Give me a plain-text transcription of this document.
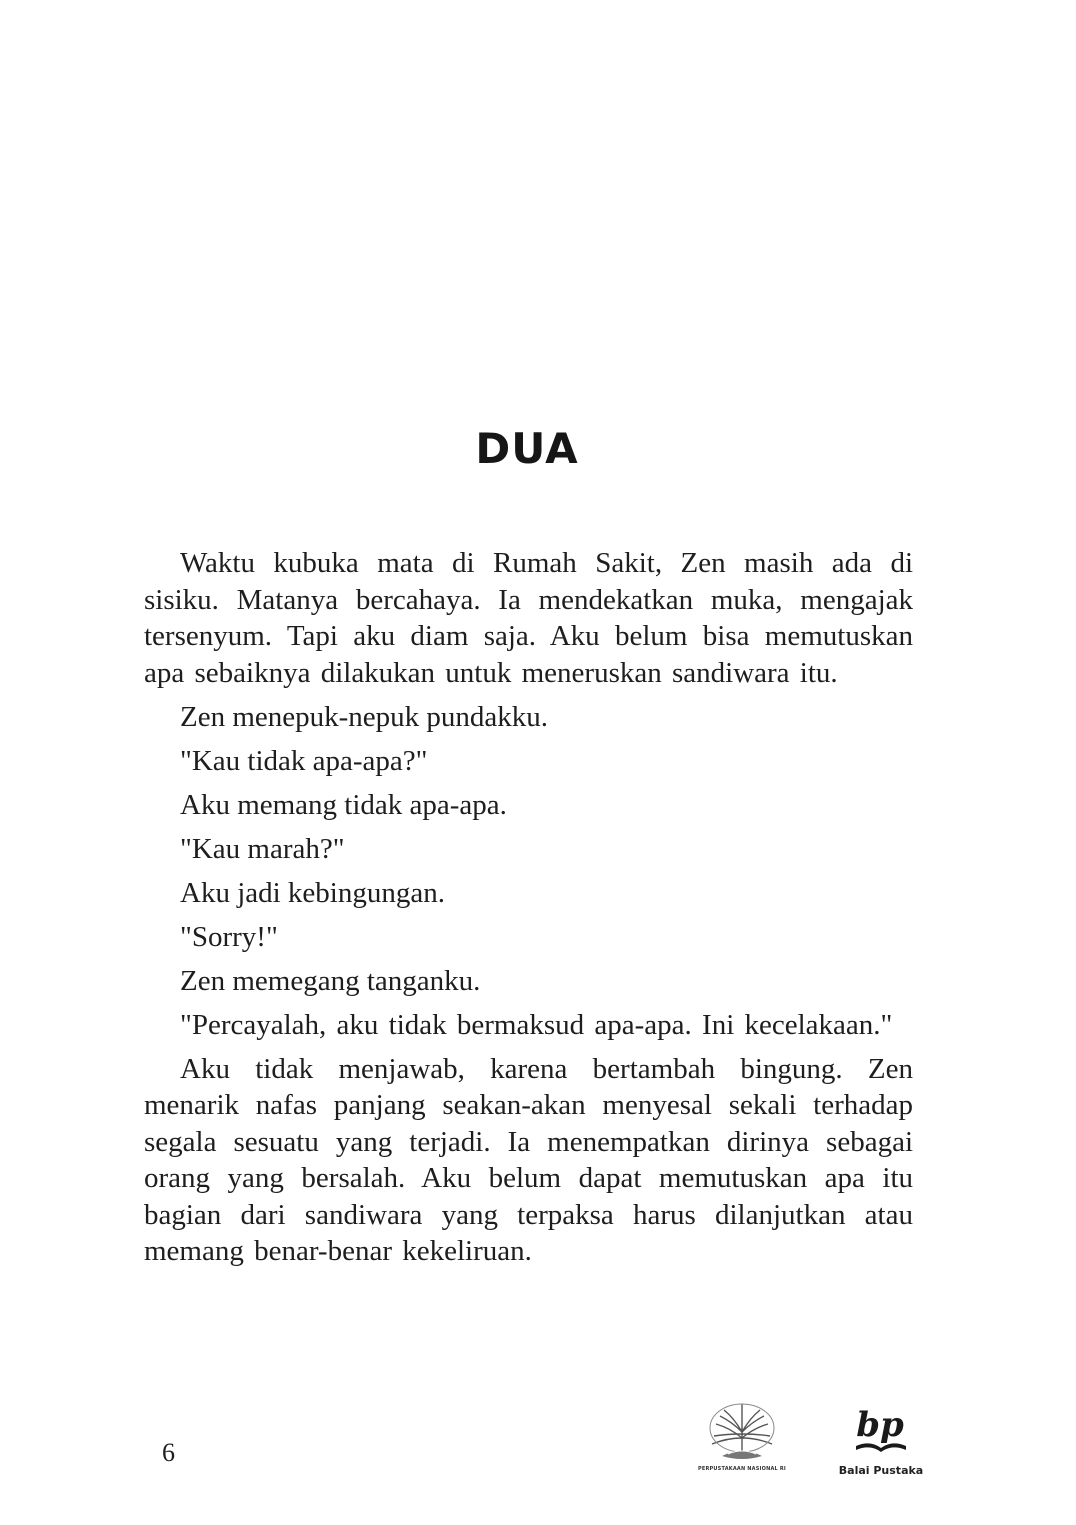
DUA

Waktu kubuka mata di Rumah Sakit, Zen masih ada di sisiku. Matanya bercahaya. Ia mendekatkan muka, mengajak tersenyum. Tapi aku diam saja. Aku belum bisa memutuskan apa sebaiknya dilakukan untuk meneruskan sandiwara itu.

Zen menepuk-nepuk pundakku.

"Kau tidak apa-apa?"

Aku memang tidak apa-apa.

"Kau marah?"

Aku jadi kebingungan.

"Sorry!"

Zen memegang tanganku.

"Percayalah, aku tidak bermaksud apa-apa. Ini kecelakaan."

Aku tidak menjawab, karena bertambah bingung. Zen menarik nafas panjang seakan-akan menyesal sekali terhadap segala sesuatu yang terjadi. Ia menempatkan dirinya sebagai orang yang bersalah. Aku belum dapat memutuskan apa itu bagian dari sandiwara yang terpaksa harus dilanjutkan atau memang benar-benar kekeliruan.

6
PERPUSTAKAAN NASIONAL RI
bp
Balai Pustaka
